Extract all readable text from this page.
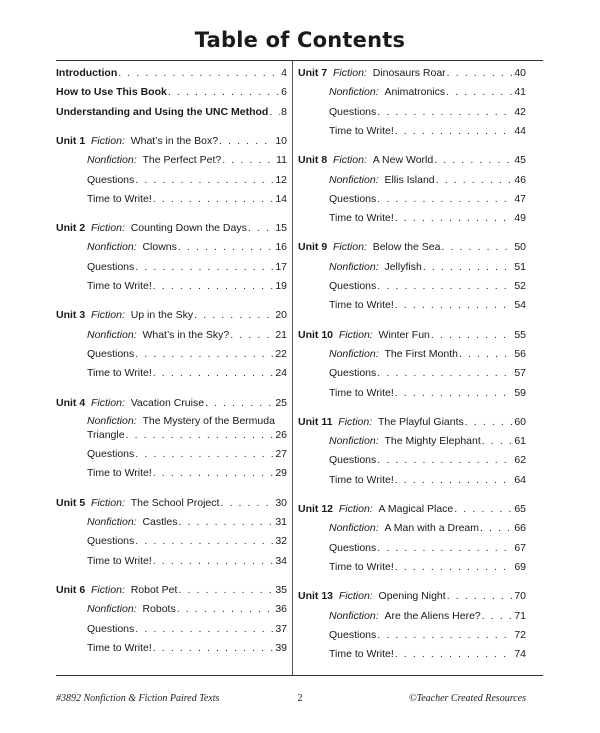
Table of Contents
Introduction . . .	4
How to Use This Book . . .	6
Understanding and Using the UNC Method . . . 8
Unit 1 Fiction: What’s in the Box? . . .	10
Nonfiction: The Perfect Pet? . . .	11
Questions . . .	12
Time to Write! . . .	14
Unit 2 Fiction: Counting Down the Days . . .	15
Nonfiction: Clowns . . .	16
Questions . . .	17
Time to Write! . . .	19
Unit 3 Fiction: Up in the Sky . . .	20
Nonfiction: What’s in the Sky? . . .	21
Questions . . .	22
Time to Write! . . .	24
Unit 4 Fiction: Vacation Cruise . . .	25
Nonfiction: The Mystery of the Bermuda
Triangle . . .	26
Questions . . .	27
Time to Write! . . .	29
Unit 5 Fiction: The School Project . . .	30
Nonfiction: Castles . . .	31
Questions . . .	32
Time to Write! . . .	34
Unit 6 Fiction: Robot Pet . . .	35
Nonfiction: Robots . . .	36
Questions . . .	37
Time to Write! . . .	39
Unit 7 Fiction: Dinosaurs Roar . . .	40
Nonfiction: Animatronics . . .	41
Questions . . .	42
Time to Write! . . .	44
Unit 8 Fiction: A New World . . .	45
Nonfiction: Ellis Island . . .	46
Questions . . .	47
Time to Write! . . .	49
Unit 9 Fiction: Below the Sea . . .	50
Nonfiction: Jellyfish . . .	51
Questions . . .	52
Time to Write! . . .	54
Unit 10 Fiction: Winter Fun . . .	55
Nonfiction: The First Month . . .	56
Questions . . .	57
Time to Write! . . .	59
Unit 11 Fiction: The Playful Giants . . .	60
Nonfiction: The Mighty Elephant . . .	61
Questions . . .	62
Time to Write! . . .	64
Unit 12 Fiction: A Magical Place . . .	65
Nonfiction: A Man with a Dream . . .	66
Questions . . .	67
Time to Write! . . .	69
Unit 13 Fiction: Opening Night . . .	70
Nonfiction: Are the Aliens Here? . . .	71
Questions . . .	72
Time to Write! . . .	74
#3892 Nonfiction & Fiction Paired Texts	2	©Teacher Created Resources
